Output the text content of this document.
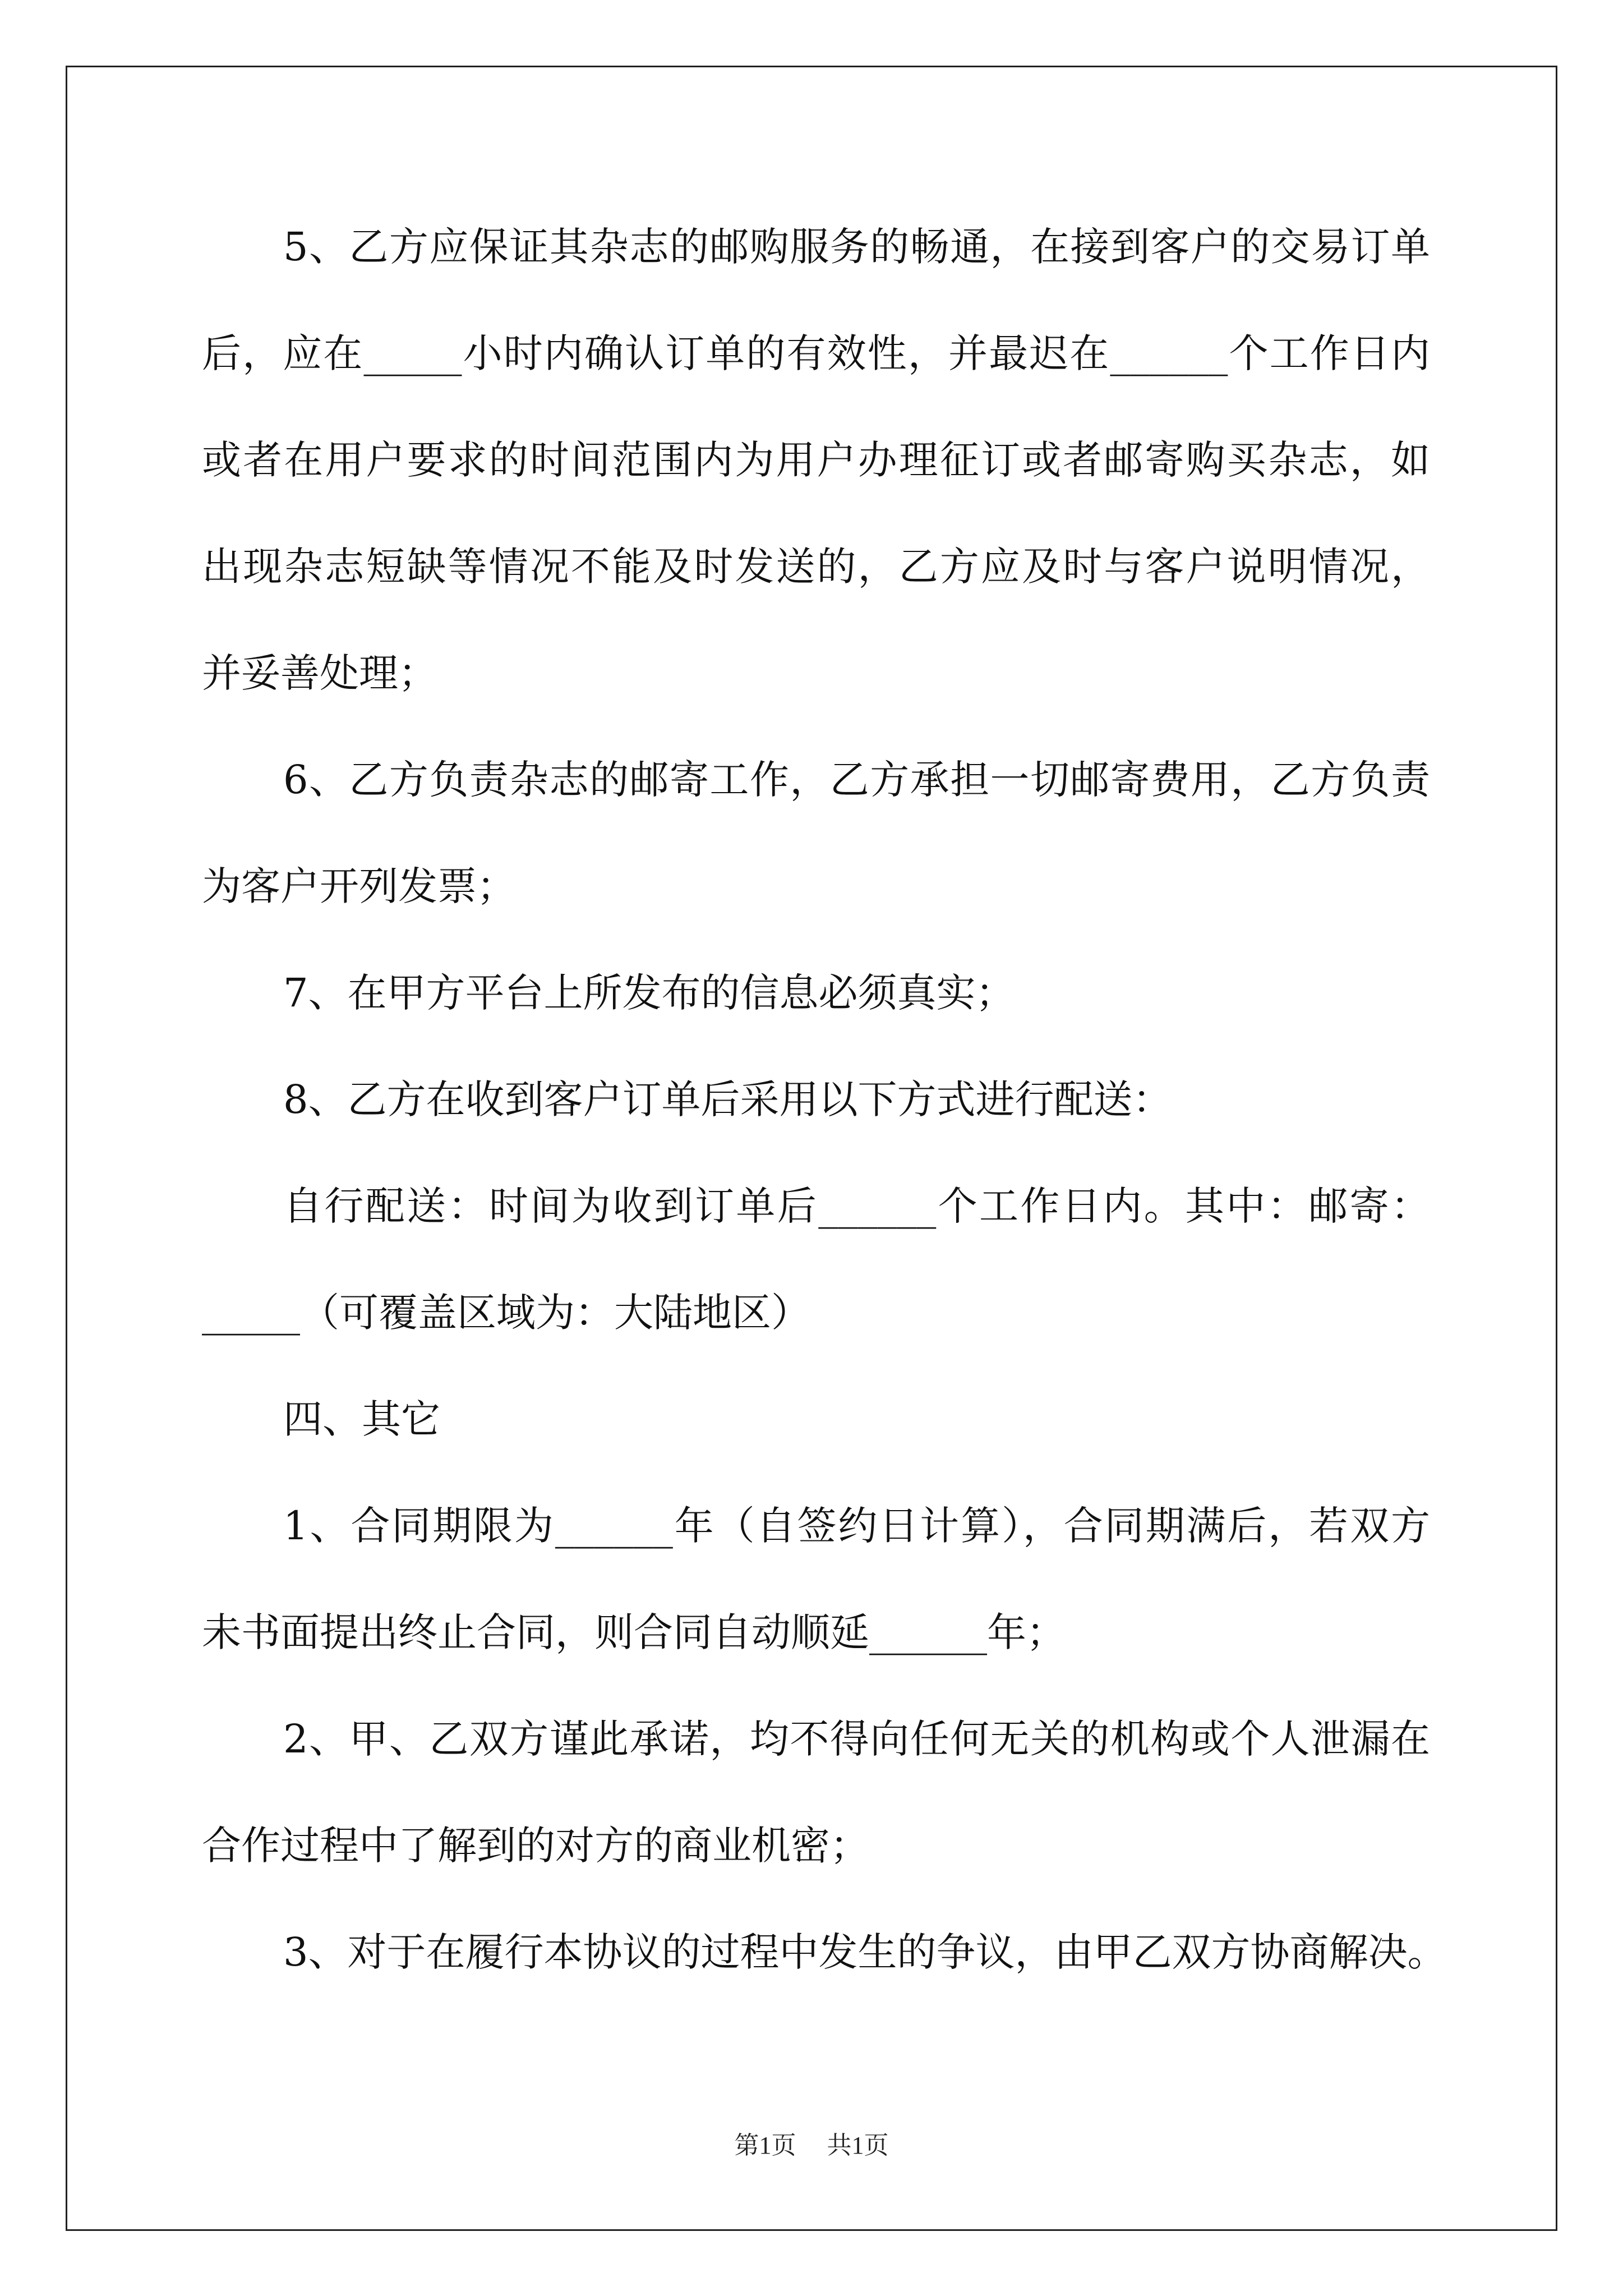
5、乙方应保证其杂志的邮购服务的畅通，在接到客户的交易订单
后，应在_____小时内确认订单的有效性，并最迟在______个工作日内
或者在用户要求的时间范围内为用户办理征订或者邮寄购买杂志，如
出现杂志短缺等情况不能及时发送的，乙方应及时与客户说明情况，
并妥善处理；
6、乙方负责杂志的邮寄工作，乙方承担一切邮寄费用，乙方负责
为客户开列发票；
7、在甲方平台上所发布的信息必须真实；
8、乙方在收到客户订单后采用以下方式进行配送：
自行配送：时间为收到订单后______个工作日内。其中：邮寄：
_____（可覆盖区域为：大陆地区）
四、其它
1、合同期限为______年（自签约日计算），合同期满后，若双方
未书面提出终止合同，则合同自动顺延______年；
2、甲、乙双方谨此承诺，均不得向任何无关的机构或个人泄漏在
合作过程中了解到的对方的商业机密；
3、对于在履行本协议的过程中发生的争议，由甲乙双方协商解决。
第1页 共1页
